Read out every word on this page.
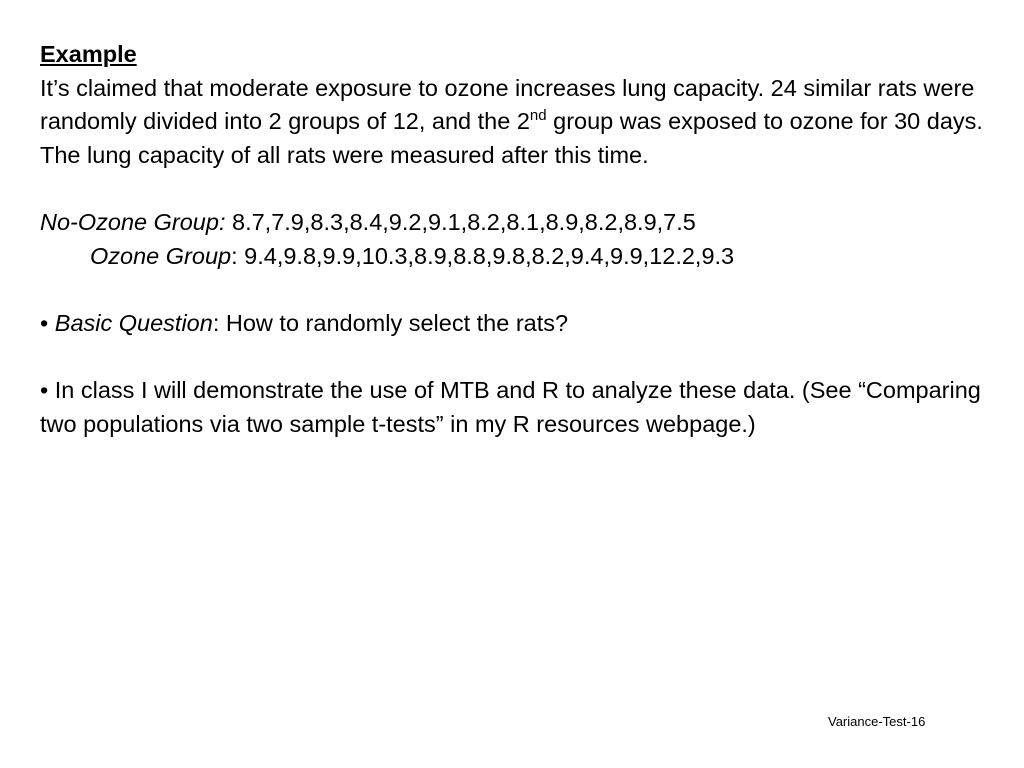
Example
It’s claimed that moderate exposure to ozone increases lung capacity. 24 similar rats were randomly divided into 2 groups of 12, and the 2nd group was exposed to ozone for 30 days. The lung capacity of all rats were measured after this time.
No-Ozone Group: 8.7,7.9,8.3,8.4,9.2,9.1,8.2,8.1,8.9,8.2,8.9,7.5
Ozone Group: 9.4,9.8,9.9,10.3,8.9,8.8,9.8,8.2,9.4,9.9,12.2,9.3
• Basic Question: How to randomly select the rats?
• In class I will demonstrate the use of MTB and R to analyze these data. (See “Comparing two populations via two sample t-tests” in my R resources webpage.)
Variance-Test-16
